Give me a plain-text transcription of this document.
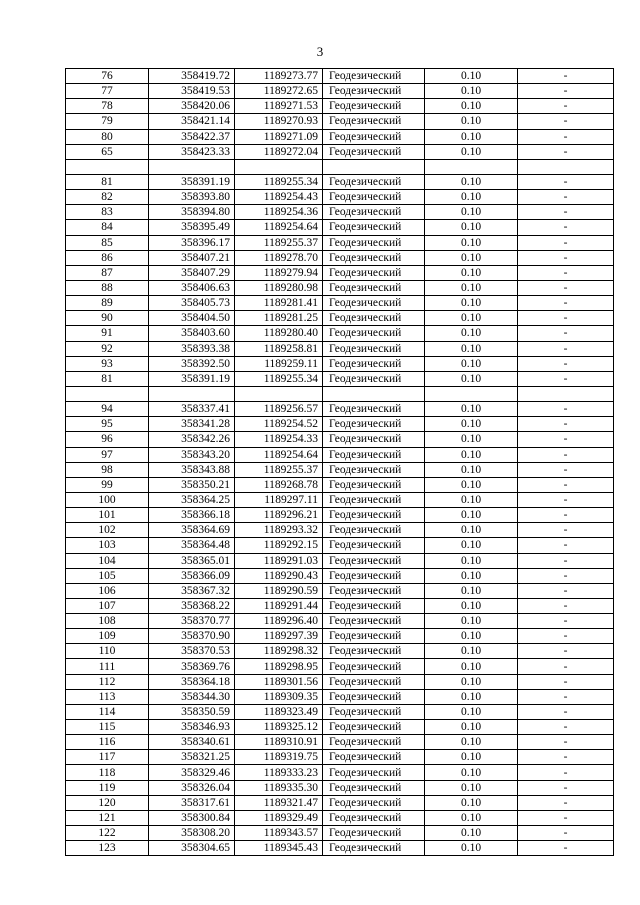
3
76	358419.72	1189273.77	Геодезический	0.10	-
77	358419.53	1189272.65	Геодезический	0.10	-
78	358420.06	1189271.53	Геодезический	0.10	-
79	358421.14	1189270.93	Геодезический	0.10	-
80	358422.37	1189271.09	Геодезический	0.10	-
65	358423.33	1189272.04	Геодезический	0.10	-

81	358391.19	1189255.34	Геодезический	0.10	-
82	358393.80	1189254.43	Геодезический	0.10	-
83	358394.80	1189254.36	Геодезический	0.10	-
84	358395.49	1189254.64	Геодезический	0.10	-
85	358396.17	1189255.37	Геодезический	0.10	-
86	358407.21	1189278.70	Геодезический	0.10	-
87	358407.29	1189279.94	Геодезический	0.10	-
88	358406.63	1189280.98	Геодезический	0.10	-
89	358405.73	1189281.41	Геодезический	0.10	-
90	358404.50	1189281.25	Геодезический	0.10	-
91	358403.60	1189280.40	Геодезический	0.10	-
92	358393.38	1189258.81	Геодезический	0.10	-
93	358392.50	1189259.11	Геодезический	0.10	-
81	358391.19	1189255.34	Геодезический	0.10	-

94	358337.41	1189256.57	Геодезический	0.10	-
95	358341.28	1189254.52	Геодезический	0.10	-
96	358342.26	1189254.33	Геодезический	0.10	-
97	358343.20	1189254.64	Геодезический	0.10	-
98	358343.88	1189255.37	Геодезический	0.10	-
99	358350.21	1189268.78	Геодезический	0.10	-
100	358364.25	1189297.11	Геодезический	0.10	-
101	358366.18	1189296.21	Геодезический	0.10	-
102	358364.69	1189293.32	Геодезический	0.10	-
103	358364.48	1189292.15	Геодезический	0.10	-
104	358365.01	1189291.03	Геодезический	0.10	-
105	358366.09	1189290.43	Геодезический	0.10	-
106	358367.32	1189290.59	Геодезический	0.10	-
107	358368.22	1189291.44	Геодезический	0.10	-
108	358370.77	1189296.40	Геодезический	0.10	-
109	358370.90	1189297.39	Геодезический	0.10	-
110	358370.53	1189298.32	Геодезический	0.10	-
111	358369.76	1189298.95	Геодезический	0.10	-
112	358364.18	1189301.56	Геодезический	0.10	-
113	358344.30	1189309.35	Геодезический	0.10	-
114	358350.59	1189323.49	Геодезический	0.10	-
115	358346.93	1189325.12	Геодезический	0.10	-
116	358340.61	1189310.91	Геодезический	0.10	-
117	358321.25	1189319.75	Геодезический	0.10	-
118	358329.46	1189333.23	Геодезический	0.10	-
119	358326.04	1189335.30	Геодезический	0.10	-
120	358317.61	1189321.47	Геодезический	0.10	-
121	358300.84	1189329.49	Геодезический	0.10	-
122	358308.20	1189343.57	Геодезический	0.10	-
123	358304.65	1189345.43	Геодезический	0.10	-
